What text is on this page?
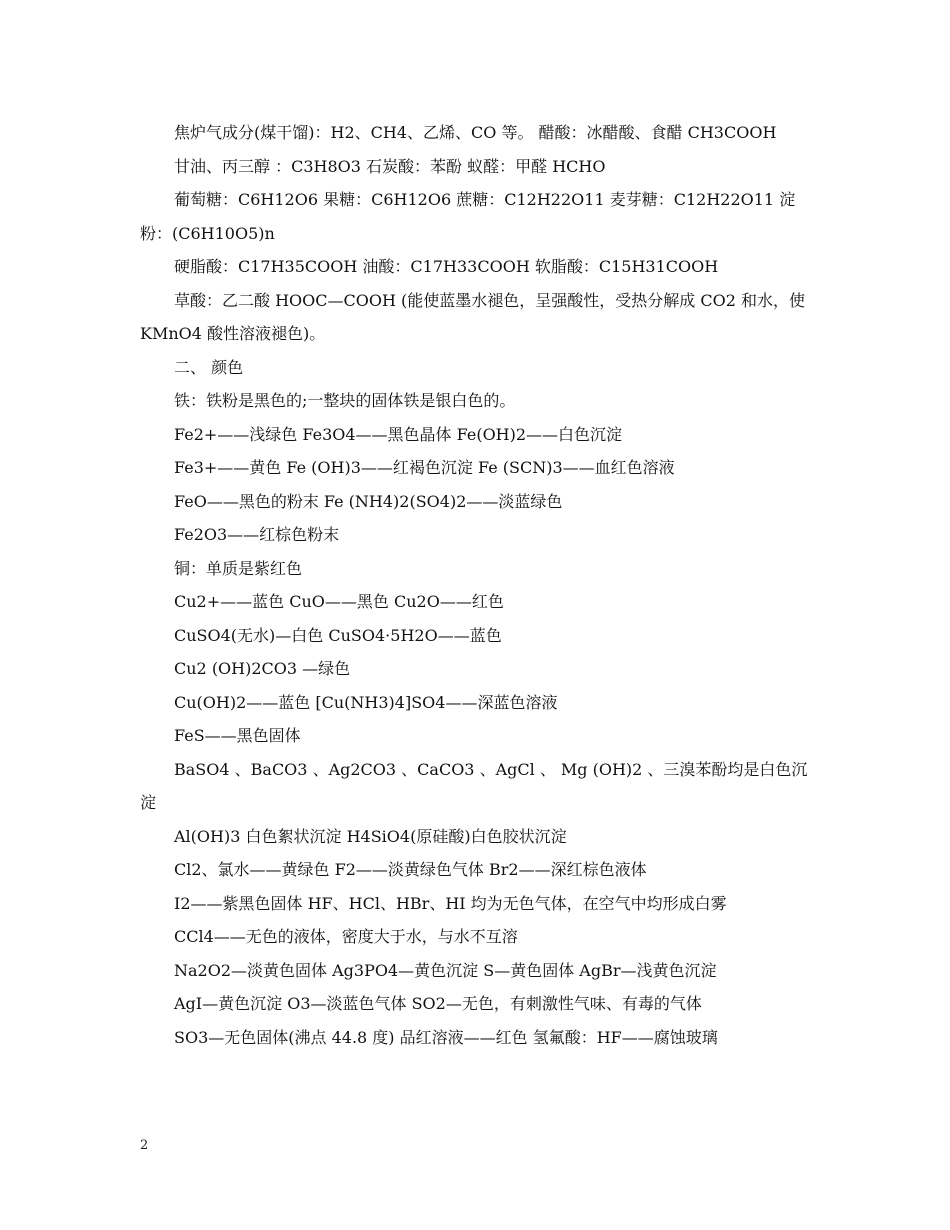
焦炉气成分(煤干馏)：H2、CH4、乙烯、CO 等。 醋酸：冰醋酸、食醋 CH3COOH

甘油、丙三醇 ：C3H8O3 石炭酸：苯酚 蚁醛：甲醛 HCHO

葡萄糖：C6H12O6 果糖：C6H12O6 蔗糖：C12H22O11 麦芽糖：C12H22O11 淀粉：(C6H10O5)n

硬脂酸：C17H35COOH 油酸：C17H33COOH 软脂酸：C15H31COOH

草酸：乙二酸 HOOC—COOH (能使蓝墨水褪色，呈强酸性，受热分解成 CO2 和水，使 KMnO4 酸性溶液褪色)。

二、 颜色

铁：铁粉是黑色的;一整块的固体铁是银白色的。

Fe2+——浅绿色 Fe3O4——黑色晶体 Fe(OH)2——白色沉淀

Fe3+——黄色 Fe (OH)3——红褐色沉淀 Fe (SCN)3——血红色溶液

FeO——黑色的粉末 Fe (NH4)2(SO4)2——淡蓝绿色

Fe2O3——红棕色粉末

铜：单质是紫红色

Cu2+——蓝色 CuO——黑色 Cu2O——红色

CuSO4(无水)—白色 CuSO4·5H2O——蓝色

Cu2 (OH)2CO3 —绿色

Cu(OH)2——蓝色 [Cu(NH3)4]SO4——深蓝色溶液

FeS——黑色固体

BaSO4 、BaCO3 、Ag2CO3 、CaCO3 、AgCl 、 Mg (OH)2 、三溴苯酚均是白色沉淀

Al(OH)3 白色絮状沉淀 H4SiO4(原硅酸)白色胶状沉淀

Cl2、氯水——黄绿色 F2——淡黄绿色气体 Br2——深红棕色液体

I2——紫黑色固体 HF、HCl、HBr、HI 均为无色气体，在空气中均形成白雾

CCl4——无色的液体，密度大于水，与水不互溶

Na2O2—淡黄色固体 Ag3PO4—黄色沉淀 S—黄色固体 AgBr—浅黄色沉淀

AgI—黄色沉淀 O3—淡蓝色气体 SO2—无色，有刺激性气味、有毒的气体

SO3—无色固体(沸点 44.8 度) 品红溶液——红色 氢氟酸：HF——腐蚀玻璃

2
